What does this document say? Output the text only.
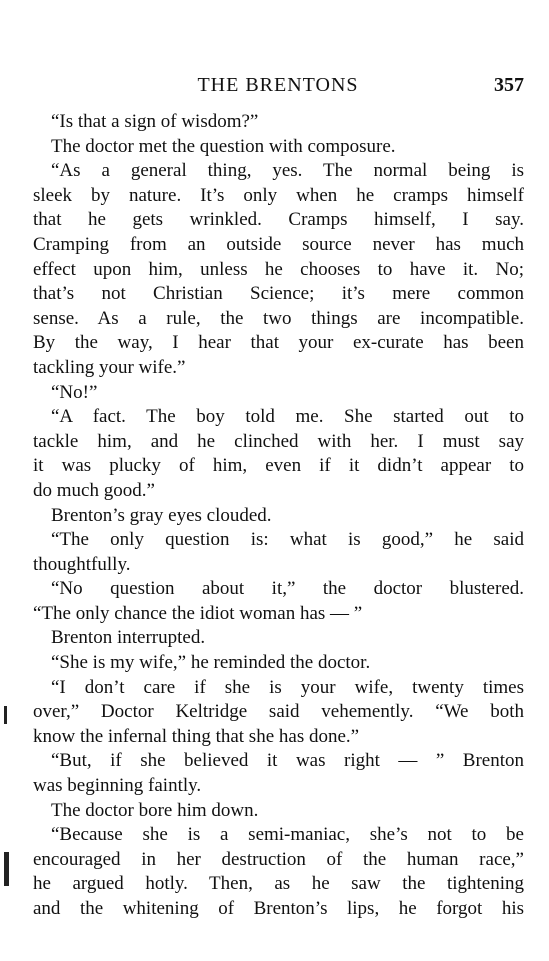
THE BRENTONS	357
“Is that a sign of wisdom?”
The doctor met the question with composure.
“As a general thing, yes. The normal being is
sleek by nature. It’s only when he cramps himself
that he gets wrinkled. Cramps himself, I say.
Cramping from an outside source never has much
effect upon him, unless he chooses to have it. No;
that’s not Christian Science; it’s mere common
sense. As a rule, the two things are incompatible.
By the way, I hear that your ex-curate has been
tackling your wife.”
“No!”
“A fact. The boy told me. She started out to
tackle him, and he clinched with her. I must say
it was plucky of him, even if it didn’t appear to
do much good.”
Brenton’s gray eyes clouded.
“The only question is: what is good,” he said
thoughtfully.
“No question about it,” the doctor blustered.
“The only chance the idiot woman has — ”
Brenton interrupted.
“She is my wife,” he reminded the doctor.
“I don’t care if she is your wife, twenty times
over,” Doctor Keltridge said vehemently. “We both
know the infernal thing that she has done.”
“But, if she believed it was right — ” Brenton
was beginning faintly.
The doctor bore him down.
“Because she is a semi-maniac, she’s not to be
encouraged in her destruction of the human race,”
he argued hotly. Then, as he saw the tightening
and the whitening of Brenton’s lips, he forgot his
